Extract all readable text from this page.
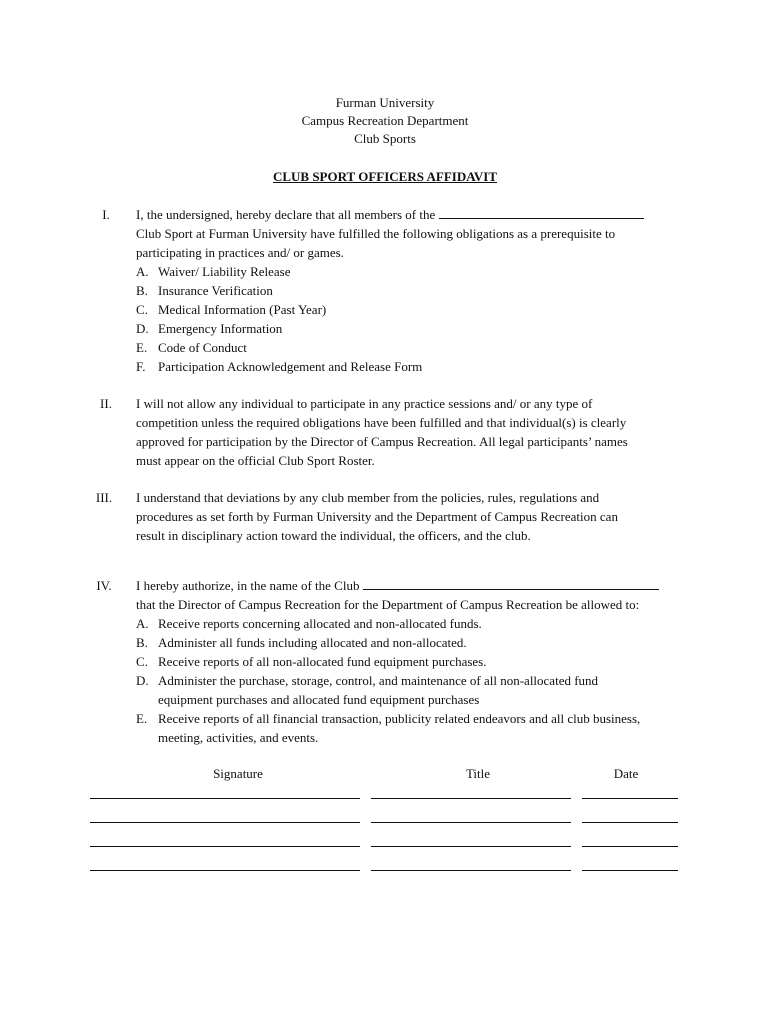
Furman University
Campus Recreation Department
Club Sports
CLUB SPORT OFFICERS AFFIDAVIT
I.	I, the undersigned, hereby declare that all members of the
Club Sport at Furman University have fulfilled the following obligations as a prerequisite to
participating in practices and/ or games.
A. Waiver/ Liability Release
B. Insurance Verification
C. Medical Information (Past Year)
D. Emergency Information
E. Code of Conduct
F. Participation Acknowledgement and Release Form
II.	I will not allow any individual to participate in any practice sessions and/ or any type of
competition unless the required obligations have been fulfilled and that individual(s) is clearly
approved for participation by the Director of Campus Recreation. All legal participants’ names
must appear on the official Club Sport Roster.
III.	I understand that deviations by any club member from the policies, rules, regulations and
procedures as set forth by Furman University and the Department of Campus Recreation can
result in disciplinary action toward the individual, the officers, and the club.
IV.	I hereby authorize, in the name of the Club
that the Director of Campus Recreation for the Department of Campus Recreation be allowed to:
A. Receive reports concerning allocated and non-allocated funds.
B. Administer all funds including allocated and non-allocated.
C. Receive reports of all non-allocated fund equipment purchases.
D. Administer the purchase, storage, control, and maintenance of all non-allocated fund
equipment purchases and allocated fund equipment purchases
E. Receive reports of all financial transaction, publicity related endeavors and all club business,
meeting, activities, and events.
Signature	Title	Date
